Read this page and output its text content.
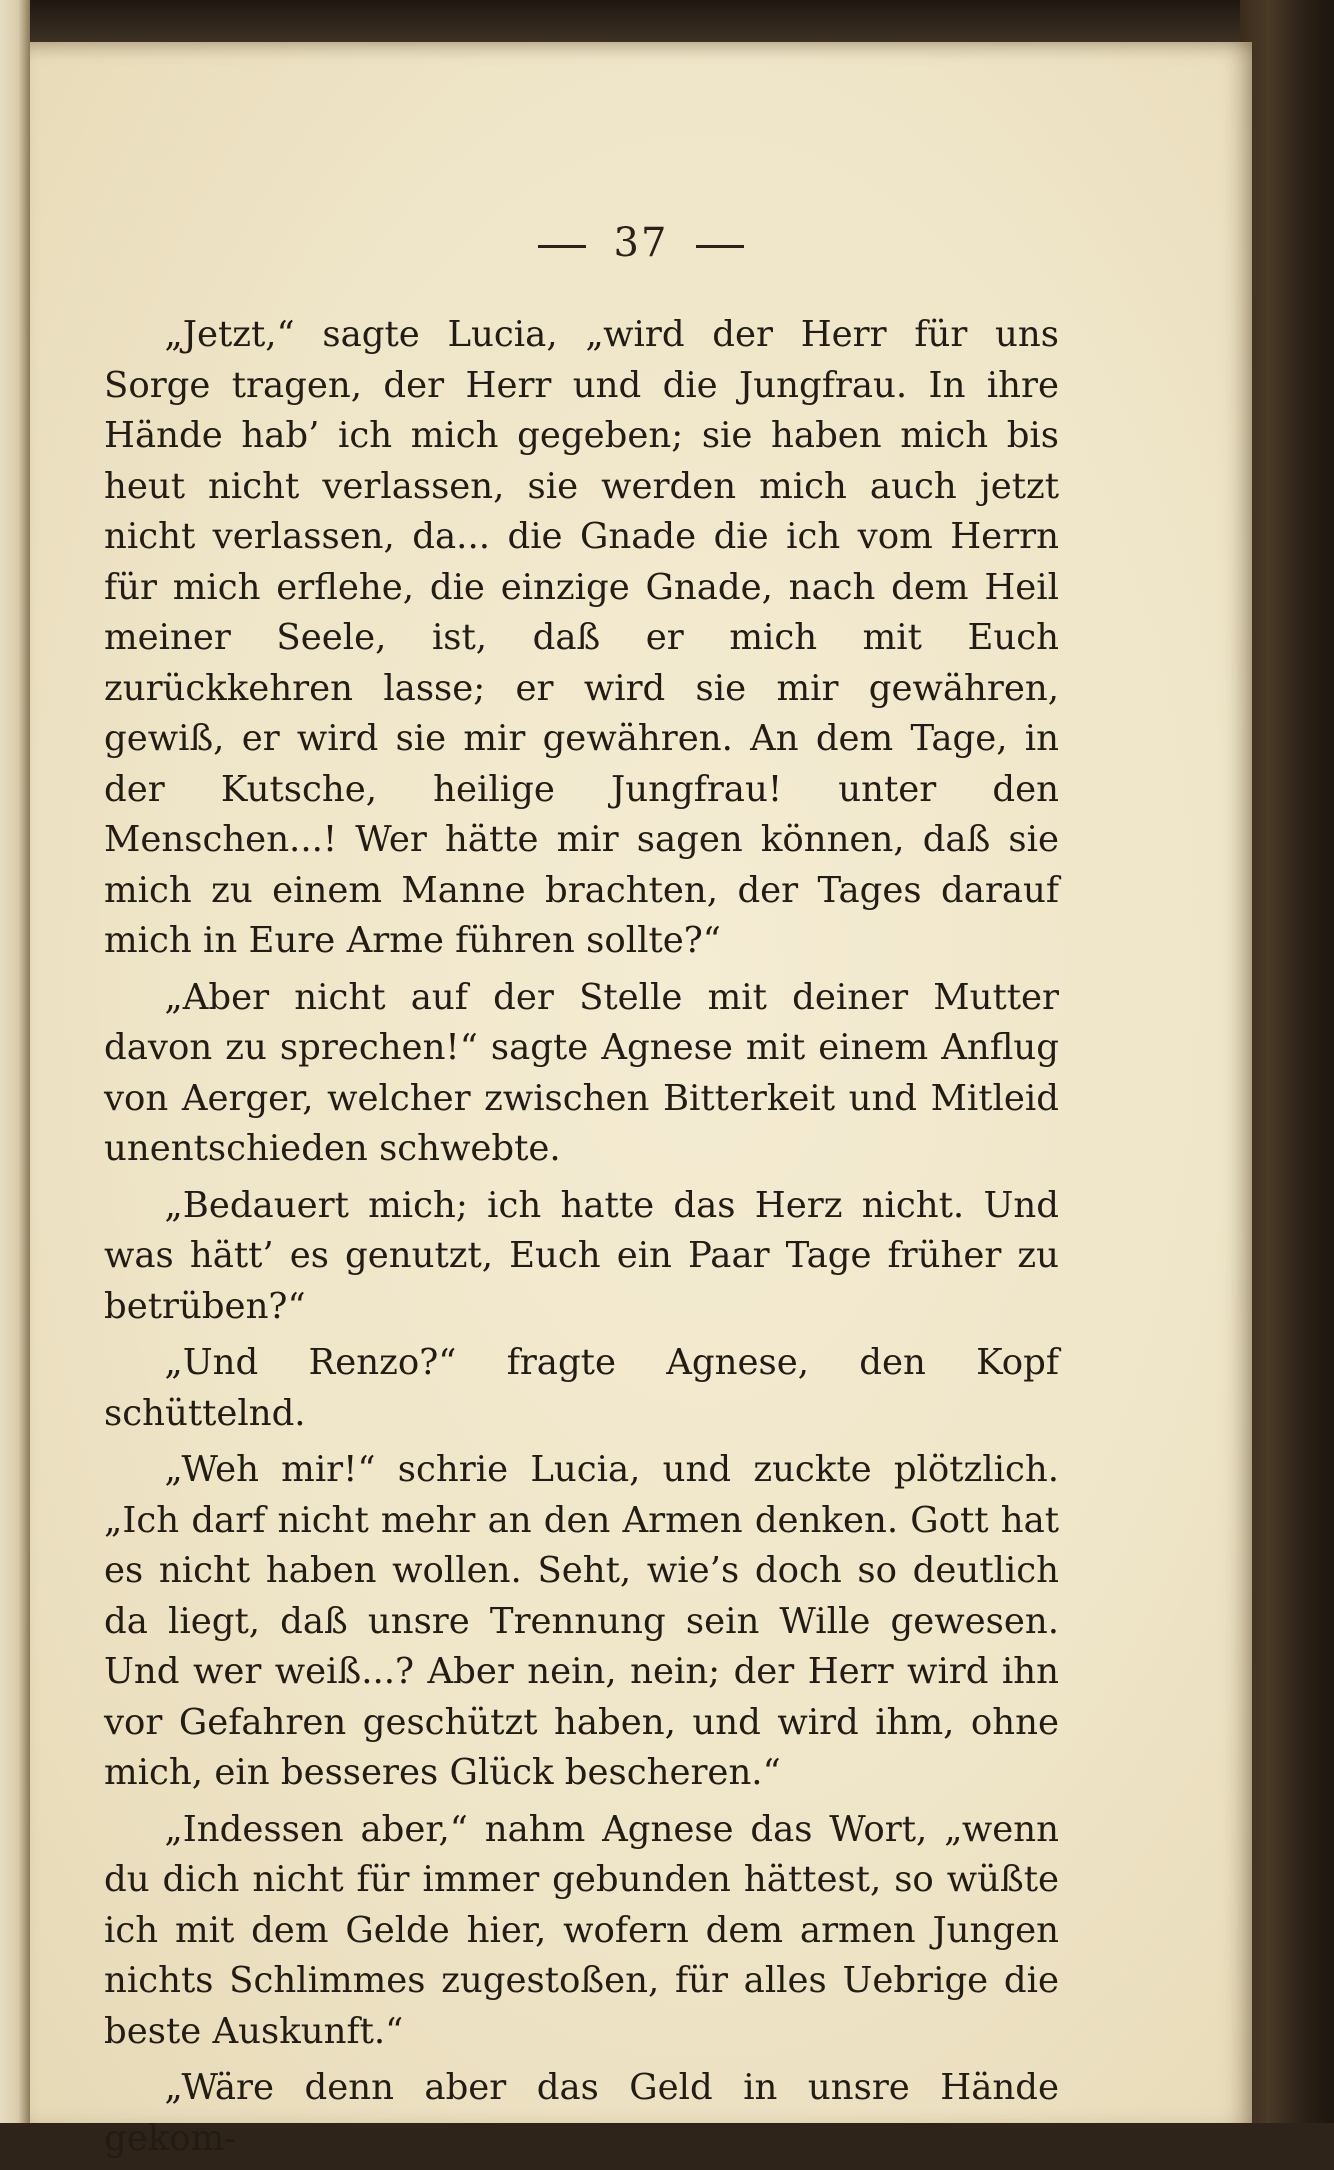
37

„Jetzt,“ sagte Lucia, „wird der Herr für uns Sorge tragen, der Herr und die Jungfrau. In ihre Hände hab’ ich mich gegeben; sie haben mich bis heut nicht verlassen, sie werden mich auch jetzt nicht verlassen, da... die Gnade die ich vom Herrn für mich erflehe, die einzige Gnade, nach dem Heil meiner Seele, ist, daß er mich mit Euch zurückkehren lasse; er wird sie mir gewähren, gewiß, er wird sie mir gewähren. An dem Tage, in der Kutsche, heilige Jungfrau! unter den Menschen...! Wer hätte mir sagen können, daß sie mich zu einem Manne brachten, der Tages darauf mich in Eure Arme führen sollte?“

„Aber nicht auf der Stelle mit deiner Mutter davon zu sprechen!“ sagte Agnese mit einem Anflug von Aerger, welcher zwischen Bitterkeit und Mitleid unentschieden schwebte.

„Bedauert mich; ich hatte das Herz nicht. Und was hätt’ es genutzt, Euch ein Paar Tage früher zu betrüben?“

„Und Renzo?“ fragte Agnese, den Kopf schüttelnd.

„Weh mir!“ schrie Lucia, und zuckte plötzlich. „Ich darf nicht mehr an den Armen denken. Gott hat es nicht haben wollen. Seht, wie’s doch so deutlich da liegt, daß unsre Trennung sein Wille gewesen. Und wer weiß...? Aber nein, nein; der Herr wird ihn vor Gefahren geschützt haben, und wird ihm, ohne mich, ein besseres Glück bescheren.“

„Indessen aber,“ nahm Agnese das Wort, „wenn du dich nicht für immer gebunden hättest, so wüßte ich mit dem Gelde hier, wofern dem armen Jungen nichts Schlimmes zugestoßen, für alles Uebrige die beste Auskunft.“

„Wäre denn aber das Geld in unsre Hände gekom-
